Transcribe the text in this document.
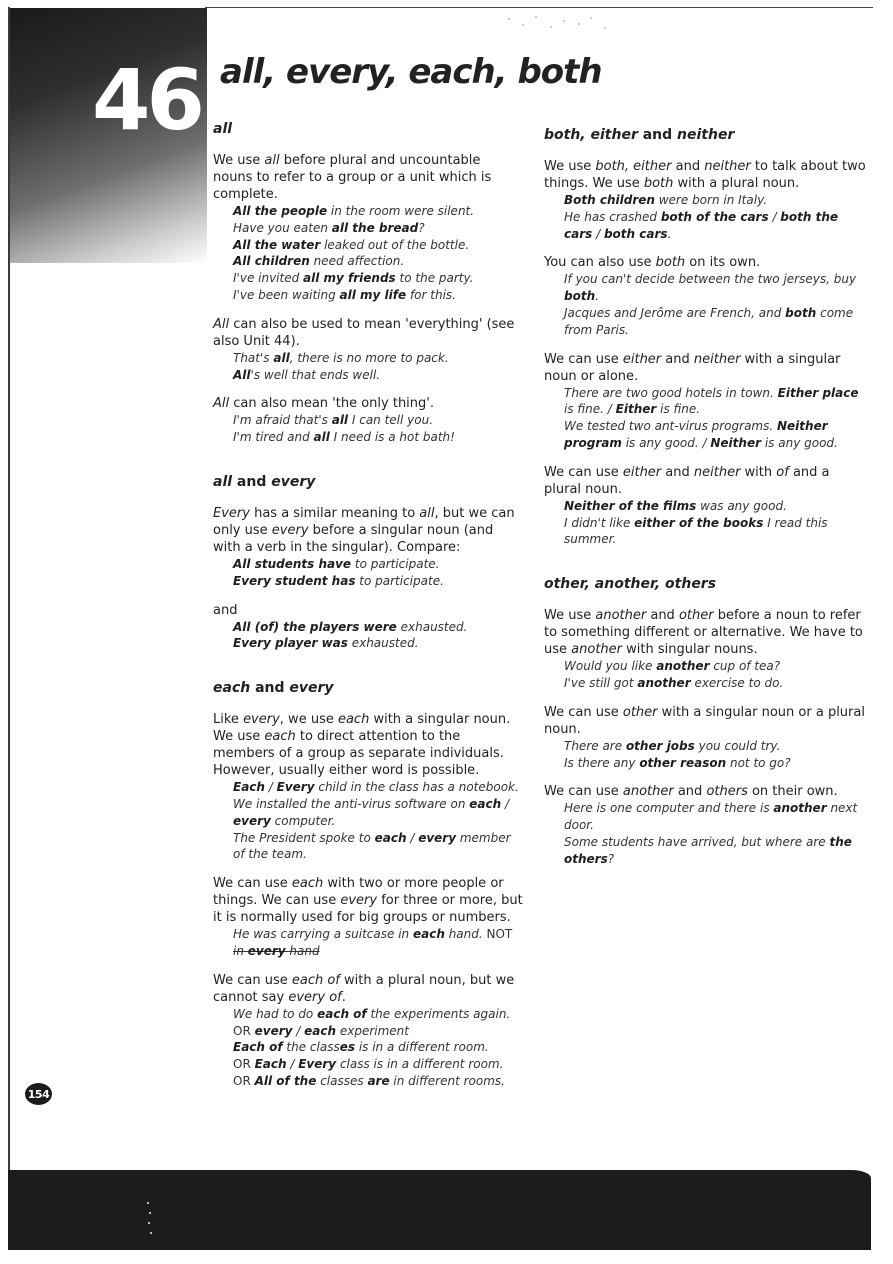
46 all, every, each, both
all
We use all before plural and uncountable nouns to refer to a group or a unit which is complete.
All the people in the room were silent.
Have you eaten all the bread?
All the water leaked out of the bottle.
All children need affection.
I've invited all my friends to the party.
I've been waiting all my life for this.
All can also be used to mean 'everything' (see also Unit 44).
That's all, there is no more to pack.
All's well that ends well.
All can also mean 'the only thing'.
I'm afraid that's all I can tell you.
I'm tired and all I need is a hot bath!
all and every
Every has a similar meaning to all, but we can only use every before a singular noun (and with a verb in the singular). Compare:
All students have to participate.
Every student has to participate.
and
All (of) the players were exhausted.
Every player was exhausted.
each and every
Like every, we use each with a singular noun. We use each to direct attention to the members of a group as separate individuals. However, usually either word is possible.
Each / Every child in the class has a notebook.
We installed the anti-virus software on each / every computer.
The President spoke to each / every member of the team.
We can use each with two or more people or things. We can use every for three or more, but it is normally used for big groups or numbers.
He was carrying a suitcase in each hand. NOT in every hand
We can use each of with a plural noun, but we cannot say every of.
We had to do each of the experiments again.
OR every / each experiment
Each of the classes is in a different room.
OR Each / Every class is in a different room.
OR All of the classes are in different rooms.
both, either and neither
We use both, either and neither to talk about two things. We use both with a plural noun.
Both children were born in Italy.
He has crashed both of the cars / both the cars / both cars.
You can also use both on its own.
If you can't decide between the two jerseys, buy both.
Jacques and Jerôme are French, and both come from Paris.
We can use either and neither with a singular noun or alone.
There are two good hotels in town. Either place is fine. / Either is fine.
We tested two ant-virus programs. Neither program is any good. / Neither is any good.
We can use either and neither with of and a plural noun.
Neither of the films was any good.
I didn't like either of the books I read this summer.
other, another, others
We use another and other before a noun to refer to something different or alternative. We have to use another with singular nouns.
Would you like another cup of tea?
I've still got another exercise to do.
We can use other with a singular noun or a plural noun.
There are other jobs you could try.
Is there any other reason not to go?
We can use another and others on their own.
Here is one computer and there is another next door.
Some students have arrived, but where are the others?
154
